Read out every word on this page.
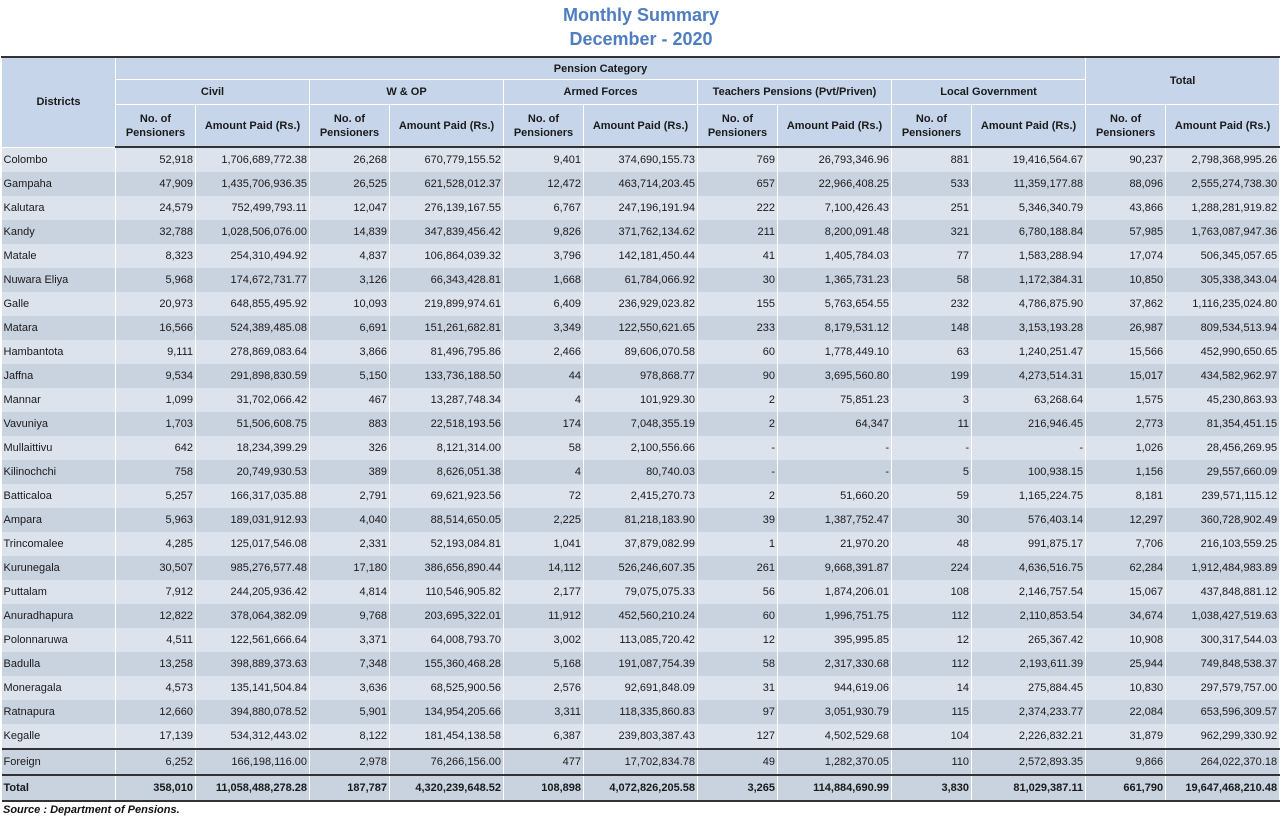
Monthly Summary
December - 2020
Districts	Pension Category										Total	
	Civil		W & OP		Armed Forces		Teachers Pensions (Pvt/Priven)		Local Government			
	No. of Pensioners	Amount Paid (Rs.)	No. of Pensioners	Amount Paid (Rs.)	No. of Pensioners	Amount Paid (Rs.)	No. of Pensioners	Amount Paid (Rs.)	No. of Pensioners	Amount Paid (Rs.)	No. of Pensioners	Amount Paid (Rs.)
Colombo	52,918	1,706,689,772.38	26,268	670,779,155.52	9,401	374,690,155.73	769	26,793,346.96	881	19,416,564.67	90,237	2,798,368,995.26
Gampaha	47,909	1,435,706,936.35	26,525	621,528,012.37	12,472	463,714,203.45	657	22,966,408.25	533	11,359,177.88	88,096	2,555,274,738.30
Kalutara	24,579	752,499,793.11	12,047	276,139,167.55	6,767	247,196,191.94	222	7,100,426.43	251	5,346,340.79	43,866	1,288,281,919.82
Kandy	32,788	1,028,506,076.00	14,839	347,839,456.42	9,826	371,762,134.62	211	8,200,091.48	321	6,780,188.84	57,985	1,763,087,947.36
Matale	8,323	254,310,494.92	4,837	106,864,039.32	3,796	142,181,450.44	41	1,405,784.03	77	1,583,288.94	17,074	506,345,057.65
Nuwara Eliya	5,968	174,672,731.77	3,126	66,343,428.81	1,668	61,784,066.92	30	1,365,731.23	58	1,172,384.31	10,850	305,338,343.04
Galle	20,973	648,855,495.92	10,093	219,899,974.61	6,409	236,929,023.82	155	5,763,654.55	232	4,786,875.90	37,862	1,116,235,024.80
Matara	16,566	524,389,485.08	6,691	151,261,682.81	3,349	122,550,621.65	233	8,179,531.12	148	3,153,193.28	26,987	809,534,513.94
Hambantota	9,111	278,869,083.64	3,866	81,496,795.86	2,466	89,606,070.58	60	1,778,449.10	63	1,240,251.47	15,566	452,990,650.65
Jaffna	9,534	291,898,830.59	5,150	133,736,188.50	44	978,868.77	90	3,695,560.80	199	4,273,514.31	15,017	434,582,962.97
Mannar	1,099	31,702,066.42	467	13,287,748.34	4	101,929.30	2	75,851.23	3	63,268.64	1,575	45,230,863.93
Vavuniya	1,703	51,506,608.75	883	22,518,193.56	174	7,048,355.19	2	64,347	11	216,946.45	2,773	81,354,451.15
Mullaittivu	642	18,234,399.29	326	8,121,314.00	58	2,100,556.66	-	-	-	-	1,026	28,456,269.95
Kilinochchi	758	20,749,930.53	389	8,626,051.38	4	80,740.03	-	-	5	100,938.15	1,156	29,557,660.09
Batticaloa	5,257	166,317,035.88	2,791	69,621,923.56	72	2,415,270.73	2	51,660.20	59	1,165,224.75	8,181	239,571,115.12
Ampara	5,963	189,031,912.93	4,040	88,514,650.05	2,225	81,218,183.90	39	1,387,752.47	30	576,403.14	12,297	360,728,902.49
Trincomalee	4,285	125,017,546.08	2,331	52,193,084.81	1,041	37,879,082.99	1	21,970.20	48	991,875.17	7,706	216,103,559.25
Kurunegala	30,507	985,276,577.48	17,180	386,656,890.44	14,112	526,246,607.35	261	9,668,391.87	224	4,636,516.75	62,284	1,912,484,983.89
Puttalam	7,912	244,205,936.42	4,814	110,546,905.82	2,177	79,075,075.33	56	1,874,206.01	108	2,146,757.54	15,067	437,848,881.12
Anuradhapura	12,822	378,064,382.09	9,768	203,695,322.01	11,912	452,560,210.24	60	1,996,751.75	112	2,110,853.54	34,674	1,038,427,519.63
Polonnaruwa	4,511	122,561,666.64	3,371	64,008,793.70	3,002	113,085,720.42	12	395,995.85	12	265,367.42	10,908	300,317,544.03
Badulla	13,258	398,889,373.63	7,348	155,360,468.28	5,168	191,087,754.39	58	2,317,330.68	112	2,193,611.39	25,944	749,848,538.37
Moneragala	4,573	135,141,504.84	3,636	68,525,900.56	2,576	92,691,848.09	31	944,619.06	14	275,884.45	10,830	297,579,757.00
Ratnapura	12,660	394,880,078.52	5,901	134,954,205.66	3,311	118,335,860.83	97	3,051,930.79	115	2,374,233.77	22,084	653,596,309.57
Kegalle	17,139	534,312,443.02	8,122	181,454,138.58	6,387	239,803,387.43	127	4,502,529.68	104	2,226,832.21	31,879	962,299,330.92
Foreign	6,252	166,198,116.00	2,978	76,266,156.00	477	17,702,834.78	49	1,282,370.05	110	2,572,893.35	9,866	264,022,370.18
Total	358,010	11,058,488,278.28	187,787	4,320,239,648.52	108,898	4,072,826,205.58	3,265	114,884,690.99	3,830	81,029,387.11	661,790	19,647,468,210.48
Source : Department of Pensions.
